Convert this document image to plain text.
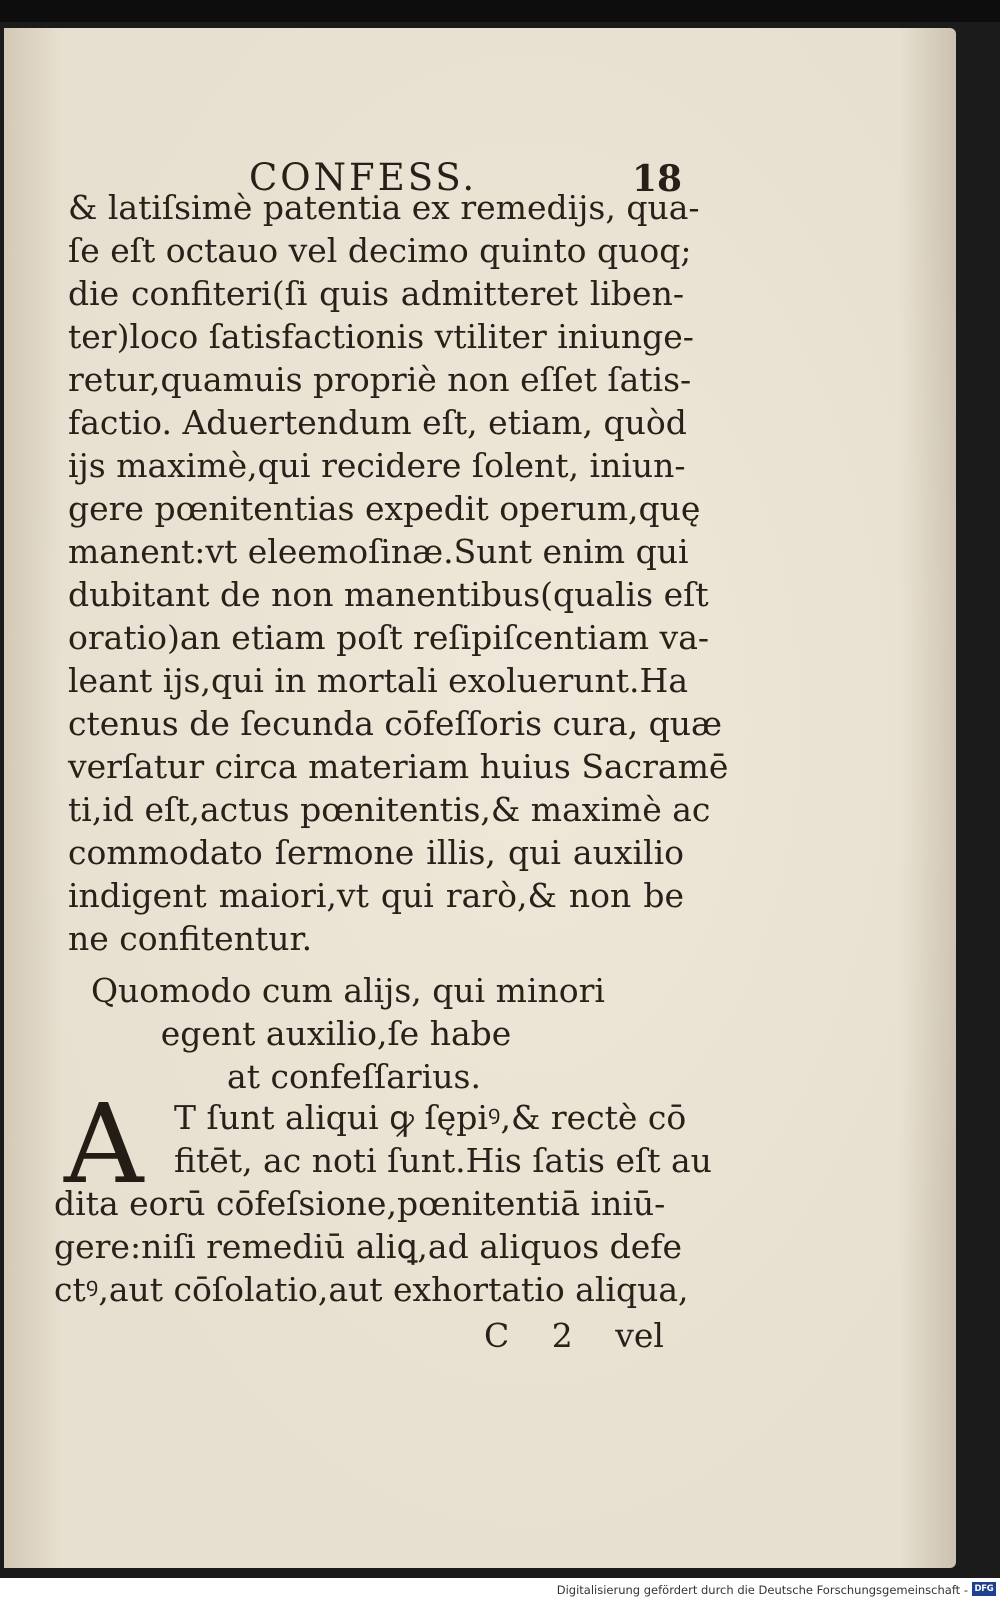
CONFESS.	18
& latiſsimè patentia ex remedijs, qua-
ſe eſt octauo vel decimo quinto quoq;
die confiteri(ſi quis admitteret liben-
ter)loco ſatisfactionis vtiliter iniunge-
retur,quamuis propriè non eſſet ſatis-
factio. Aduertendum eſt, etiam, quòd
ijs maximè,qui recidere ſolent, iniun-
gere pœnitentias expedit operum,quę
manent:vt eleemoſinæ.Sunt enim qui
dubitant de non manentibus(qualis eſt
oratio)an etiam poſt reſipiſcentiam va-
leant ijs,qui in mortali exoluerunt.Ha
ctenus de ſecunda cōfeſſoris cura, quæ
verſatur circa materiam huius Sacramē
ti,id eſt,actus pœnitentis,& maximè ac
commodato ſermone illis, qui auxilio
indigent maiori,vt qui rarò,& non be
ne confitentur.
Quomodo cum alijs, qui minori
egent auxilio,ſe habe
at confeſſarius.
A T ſunt aliqui ꝙ ſępiꝰ,& rectè cō
fitēt, ac noti ſunt.His ſatis eſt au
dita eorū cōfeſsione,pœnitentiā iniū-
gere:niſi remediū aliꝗ,ad aliquos defe
ctꝰ,aut cōſolatio,aut exhortatio aliqua,
C 2 vel
Digitalisierung gefördert durch die Deutsche Forschungsgemeinschaft - DFG
